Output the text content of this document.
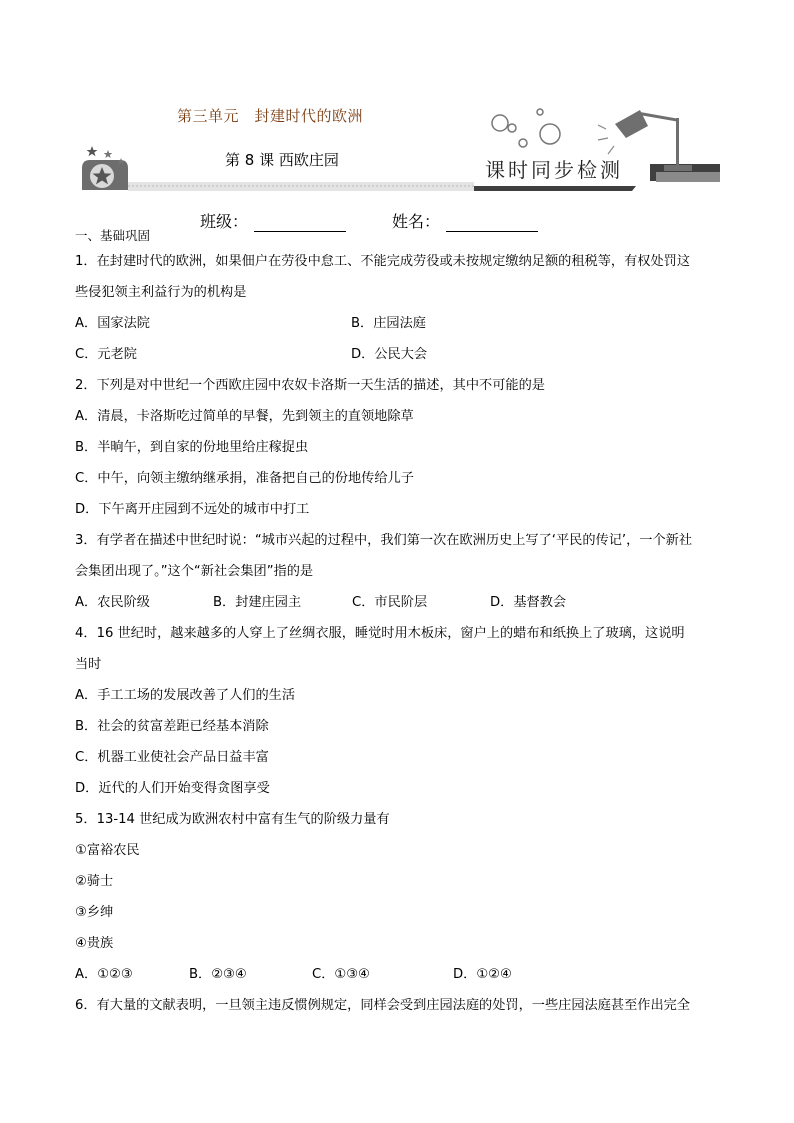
第三单元　封建时代的欧洲
第 8 课 西欧庄园	课时同步检测
班级：	姓名：

一、基础巩固

1．在封建时代的欧洲，如果佃户在劳役中怠工、不能完成劳役或未按规定缴纳足额的租税等，有权处罚这

些侵犯领主利益行为的机构是

A．国家法院	B．庄园法庭

C．元老院	D．公民大会

2．下列是对中世纪一个西欧庄园中农奴卡洛斯一天生活的描述，其中不可能的是

A．清晨，卡洛斯吃过简单的早餐，先到领主的直领地除草

B．半晌午，到自家的份地里给庄稼捉虫

C．中午，向领主缴纳继承捐，准备把自己的份地传给儿子

D．下午离开庄园到不远处的城市中打工

3．有学者在描述中世纪时说：“城市兴起的过程中，我们第一次在欧洲历史上写了‘平民的传记’，一个新社

会集团出现了。”这个“新社会集团”指的是

A．农民阶级	B．封建庄园主	C．市民阶层	D．基督教会

4．16 世纪时，越来越多的人穿上了丝绸衣服，睡觉时用木板床，窗户上的蜡布和纸换上了玻璃，这说明

当时

A．手工工场的发展改善了人们的生活

B．社会的贫富差距已经基本消除

C．机器工业使社会产品日益丰富

D．近代的人们开始变得贪图享受

5．13-14 世纪成为欧洲农村中富有生气的阶级力量有

①富裕农民

②骑士

③乡绅

④贵族

A．①②③	B．②③④	C．①③④	D．①②④

6．有大量的文献表明，一旦领主违反惯例规定，同样会受到庄园法庭的处罚，一些庄园法庭甚至作出完全
